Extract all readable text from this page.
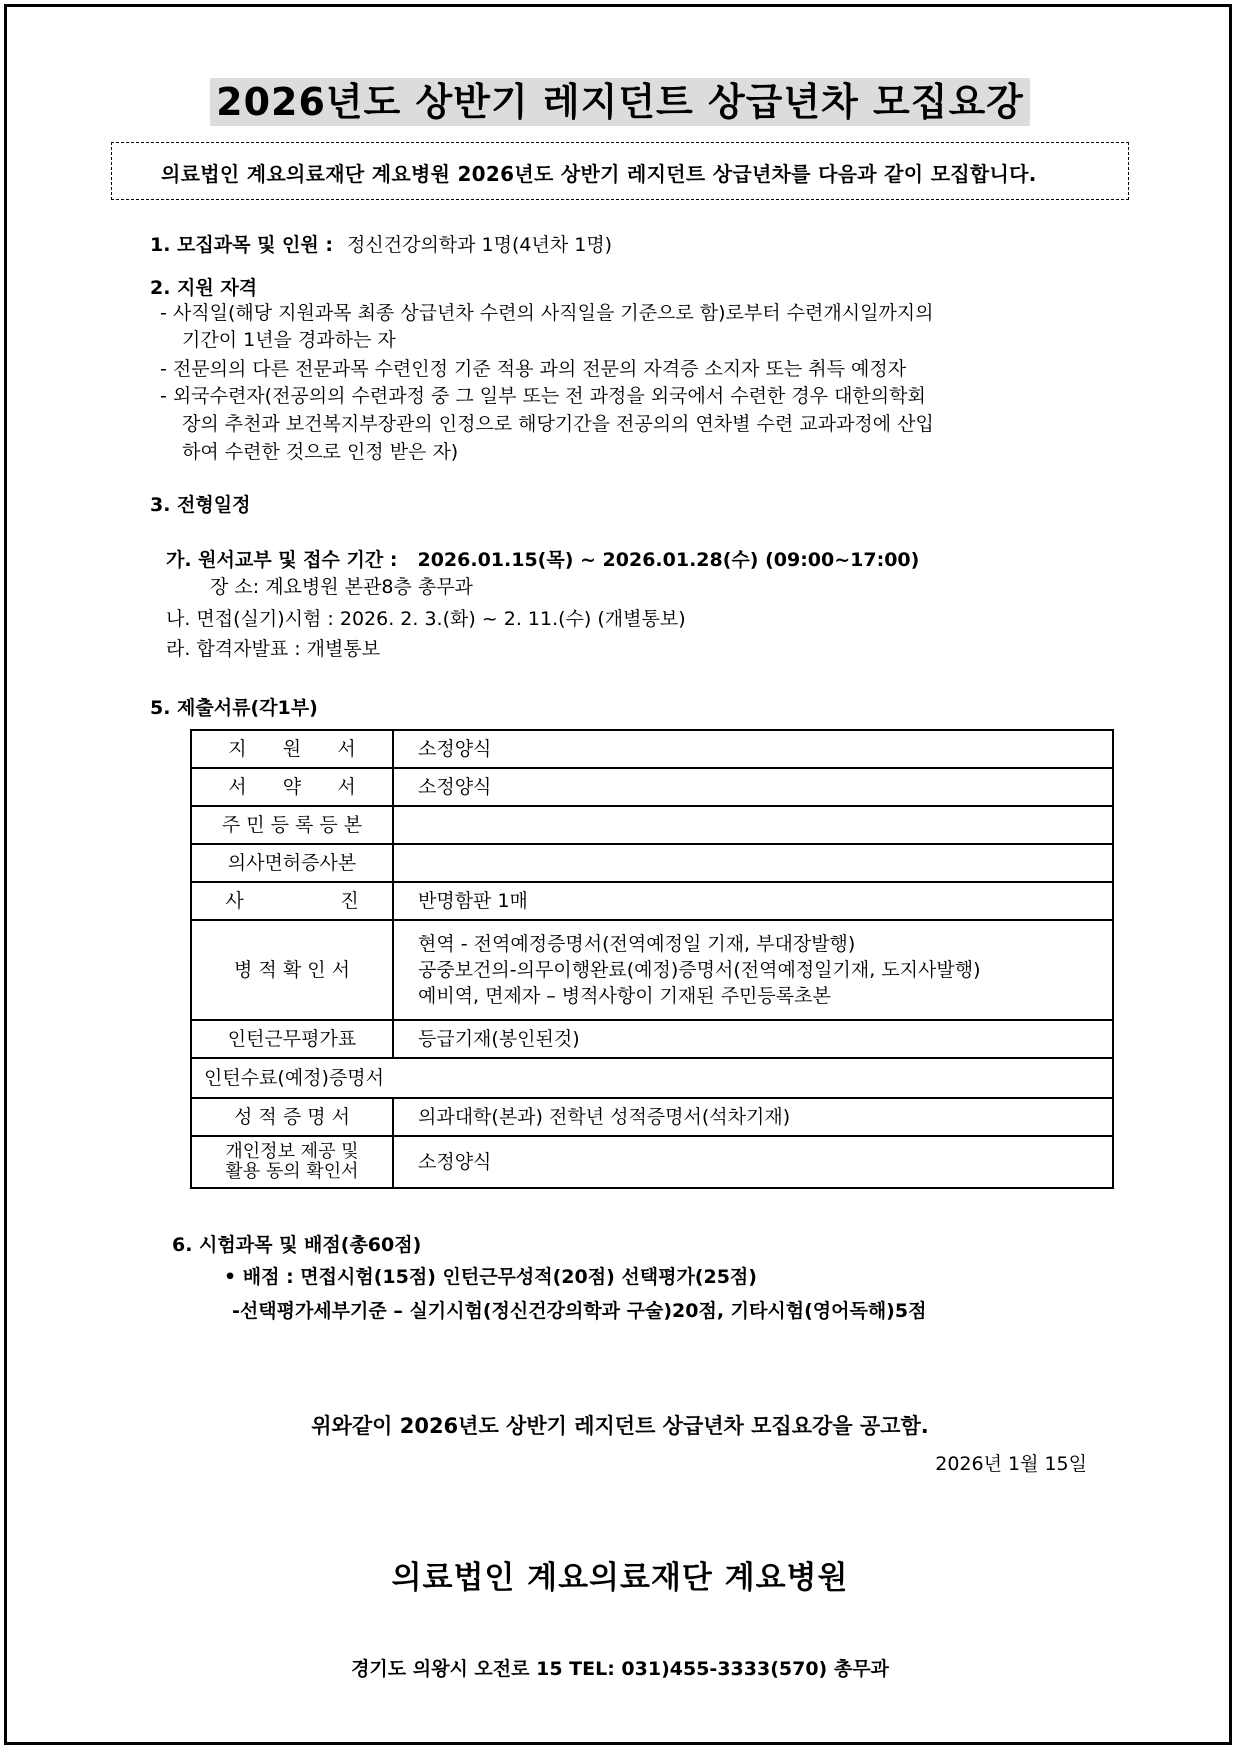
2026년도 상반기 레지던트 상급년차 모집요강
의료법인 계요의료재단 계요병원 2026년도 상반기 레지던트 상급년차를 다음과 같이 모집합니다.
1. 모집과목 및 인원 : 정신건강의학과 1명(4년차 1명)
2. 지원 자격
- 사직일(해당 지원과목 최종 상급년차 수련의 사직일을 기준으로 함)로부터 수련개시일까지의
기간이 1년을 경과하는 자
- 전문의의 다른 전문과목 수련인정 기준 적용 과의 전문의 자격증 소지자 또는 취득 예정자
- 외국수련자(전공의의 수련과정 중 그 일부 또는 전 과정을 외국에서 수련한 경우 대한의학회
장의 추천과 보건복지부장관의 인정으로 해당기간을 전공의의 연차별 수련 교과과정에 산입
하여 수련한 것으로 인정 받은 자)
3. 전형일정
가. 원서교부 및 접수 기간 : 2026.01.15(목) ~ 2026.01.28(수) (09:00~17:00)
장 소: 계요병원 본관8층 총무과
나. 면접(실기)시험 : 2026. 2. 3.(화) ~ 2. 11.(수) (개별통보)
라. 합격자발표 : 개별통보
5. 제출서류(각1부)
지      원      서	소정양식
서      약      서	소정양식
주 민 등 록 등 본	
의사면허증사본	
사                진	반명함판 1매
병 적 확 인 서	현역 - 전역예정증명서(전역예정일 기재, 부대장발행)
공중보건의-의무이행완료(예정)증명서(전역예정일기재, 도지사발행)
예비역, 면제자 – 병적사항이 기재된 주민등록초본

인턴근무평가표	등급기재(봉인된것)
인턴수료(예정)증명서	
성 적 증 명 서	의과대학(본과) 전학년 성적증명서(석차기재)

개인정보 제공 및
활용 동의 확인서	소정양식
6. 시험과목 및 배점(총60점)
• 배점 : 면접시험(15점) 인턴근무성적(20점) 선택평가(25점)
-선택평가세부기준 – 실기시험(정신건강의학과 구술)20점, 기타시험(영어독해)5점
위와같이 2026년도 상반기 레지던트 상급년차 모집요강을 공고함.
2026년 1월 15일
의료법인 계요의료재단 계요병원
경기도 의왕시 오전로 15 TEL: 031)455-3333(570) 총무과
